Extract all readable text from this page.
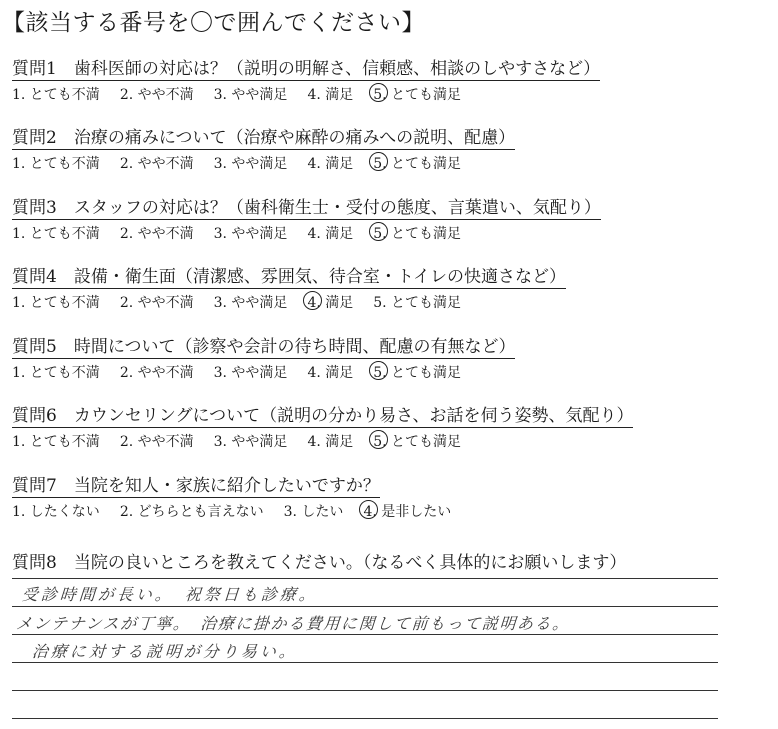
【該当する番号を〇で囲んでください】
質問1　歯科医師の対応は？（説明の明解さ、信頼感、相談のしやすさなど）
1. とても不満 2. やや不満 3. やや満足 4. 満足 5. とても満足
質問2　治療の痛みについて（治療や麻酔の痛みへの説明、配慮）
1. とても不満 2. やや不満 3. やや満足 4. 満足 5. とても満足
質問3　スタッフの対応は？（歯科衛生士・受付の態度、言葉遣い、気配り）
1. とても不満 2. やや不満 3. やや満足 4. 満足 5. とても満足
質問4　設備・衛生面（清潔感、雰囲気、待合室・トイレの快適さなど）
1. とても不満 2. やや不満 3. やや満足 4. 満足 5. とても満足
質問5　時間について（診察や会計の待ち時間、配慮の有無など）
1. とても不満 2. やや不満 3. やや満足 4. 満足 5. とても満足
質問6　カウンセリングについて（説明の分かり易さ、お話を伺う姿勢、気配り）
1. とても不満 2. やや不満 3. やや満足 4. 満足 5. とても満足
質問7　当院を知人・家族に紹介したいですか？
1. したくない 2. どちらとも言えない 3. したい 4. 是非したい
質問8　当院の良いところを教えてください。（なるべく具体的にお願いします）
受診時間が長い。　祝祭日も診療。
メンテナンスが丁寧。　治療に掛かる費用に関して前もって説明ある。
治療に対する説明が分り易い。
